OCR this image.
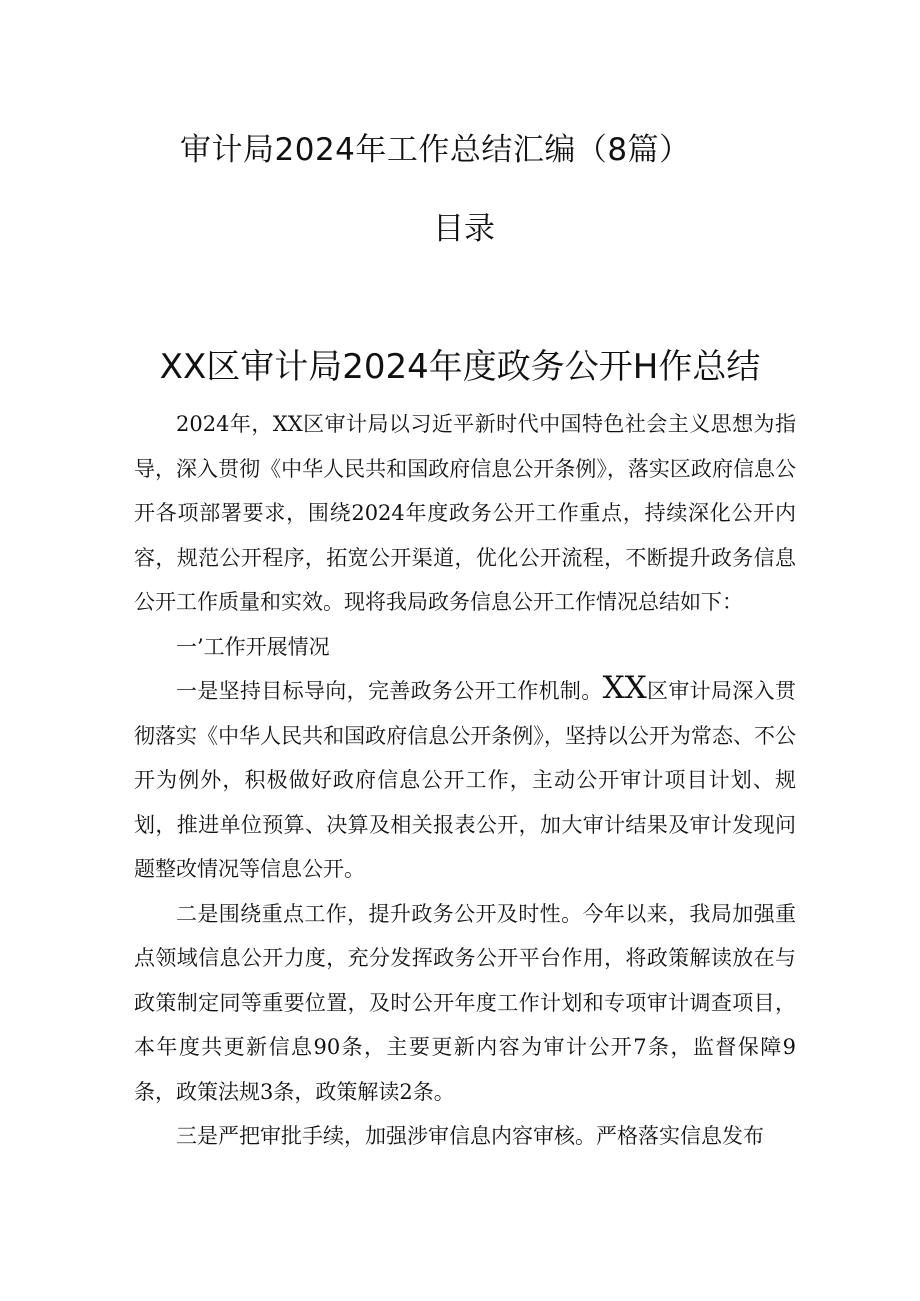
审计局2024年工作总结汇编（8篇）
目录
XX区审计局2024年度政务公开H作总结

2024年，XX区审计局以习近平新时代中国特色社会主义思想为指导，深入贯彻《中华人民共和国政府信息公开条例》，落实区政府信息公开各项部署要求，围绕2024年度政务公开工作重点，持续深化公开内容，规范公开程序，拓宽公开渠道，优化公开流程，不断提升政务信息公开工作质量和实效。现将我局政务信息公开工作情况总结如下：

一’工作开展情况

一是坚持目标导向，完善政务公开工作机制。XX区审计局深入贯彻落实《中华人民共和国政府信息公开条例》，坚持以公开为常态、不公开为例外，积极做好政府信息公开工作，主动公开审计项目计划、规划，推进单位预算、决算及相关报表公开，加大审计结果及审计发现问题整改情况等信息公开。

二是围绕重点工作，提升政务公开及时性。今年以来，我局加强重点领域信息公开力度，充分发挥政务公开平台作用，将政策解读放在与政策制定同等重要位置，及时公开年度工作计划和专项审计调查项目，本年度共更新信息90条，主要更新内容为审计公开7条，监督保障9条，政策法规3条，政策解读2条。

三是严把审批手续，加强涉审信息内容审核。严格落实信息发布
